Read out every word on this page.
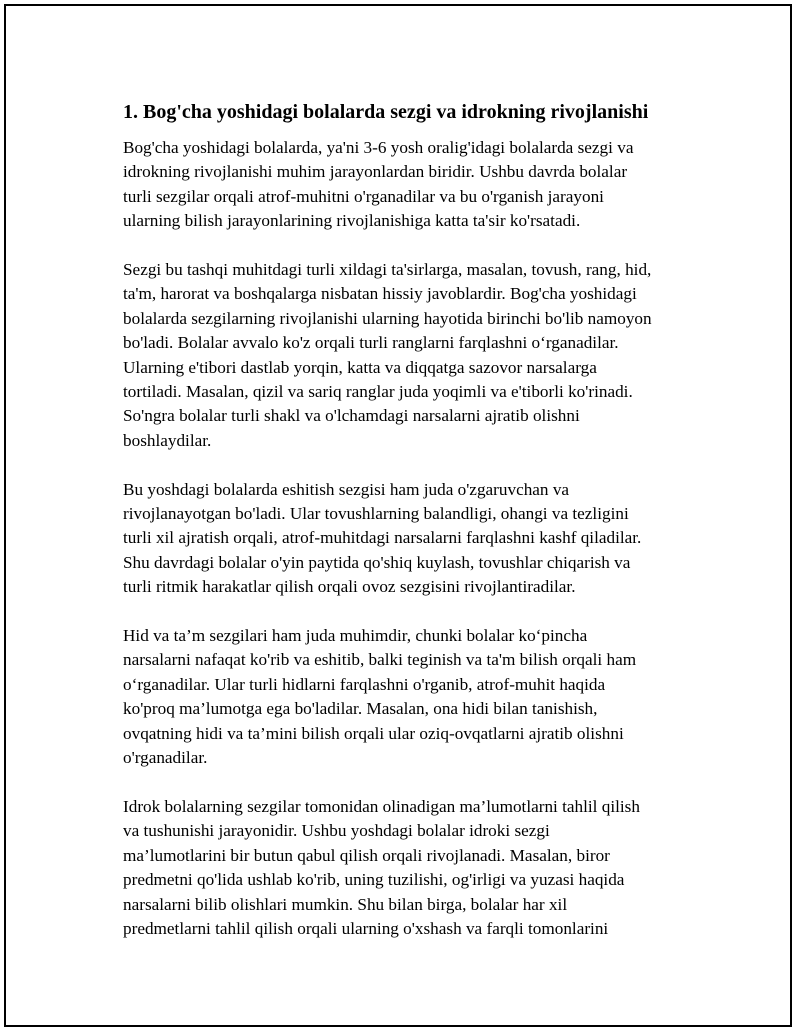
1. Bog'cha yoshidagi bolalarda sezgi va idrokning rivojlanishi

Bog'cha yoshidagi bolalarda, ya'ni 3-6 yosh oralig'idagi bolalarda sezgi va
idrokning rivojlanishi muhim jarayonlardan biridir. Ushbu davrda bolalar
turli sezgilar orqali atrof-muhitni o'rganadilar va bu o'rganish jarayoni
ularning bilish jarayonlarining rivojlanishiga katta ta'sir ko'rsatadi.

Sezgi bu tashqi muhitdagi turli xildagi ta'sirlarga, masalan, tovush, rang, hid,
ta'm, harorat va boshqalarga nisbatan hissiy javoblardir. Bog'cha yoshidagi
bolalarda sezgilarning rivojlanishi ularning hayotida birinchi bo'lib namoyon
bo'ladi. Bolalar avvalo ko'z orqali turli ranglarni farqlashni o‘rganadilar.
Ularning e'tibori dastlab yorqin, katta va diqqatga sazovor narsalarga
tortiladi. Masalan, qizil va sariq ranglar juda yoqimli va e'tiborli ko'rinadi.
So'ngra bolalar turli shakl va o'lchamdagi narsalarni ajratib olishni
boshlaydilar.

Bu yoshdagi bolalarda eshitish sezgisi ham juda o'zgaruvchan va
rivojlanayotgan bo'ladi. Ular tovushlarning balandligi, ohangi va tezligini
turli xil ajratish orqali, atrof-muhitdagi narsalarni farqlashni kashf qiladilar.
Shu davrdagi bolalar o'yin paytida qo'shiq kuylash, tovushlar chiqarish va
turli ritmik harakatlar qilish orqali ovoz sezgisini rivojlantiradilar.

Hid va ta’m sezgilari ham juda muhimdir, chunki bolalar ko‘pincha
narsalarni nafaqat ko'rib va eshitib, balki teginish va ta'm bilish orqali ham
o‘rganadilar. Ular turli hidlarni farqlashni o'rganib, atrof-muhit haqida
ko'proq ma’lumotga ega bo'ladilar. Masalan, ona hidi bilan tanishish,
ovqatning hidi va ta’mini bilish orqali ular oziq-ovqatlarni ajratib olishni
o'rganadilar.

Idrok bolalarning sezgilar tomonidan olinadigan ma’lumotlarni tahlil qilish
va tushunishi jarayonidir. Ushbu yoshdagi bolalar idroki sezgi
ma’lumotlarini bir butun qabul qilish orqali rivojlanadi. Masalan, biror
predmetni qo'lida ushlab ko'rib, uning tuzilishi, og'irligi va yuzasi haqida
narsalarni bilib olishlari mumkin. Shu bilan birga, bolalar har xil
predmetlarni tahlil qilish orqali ularning o'xshash va farqli tomonlarini
